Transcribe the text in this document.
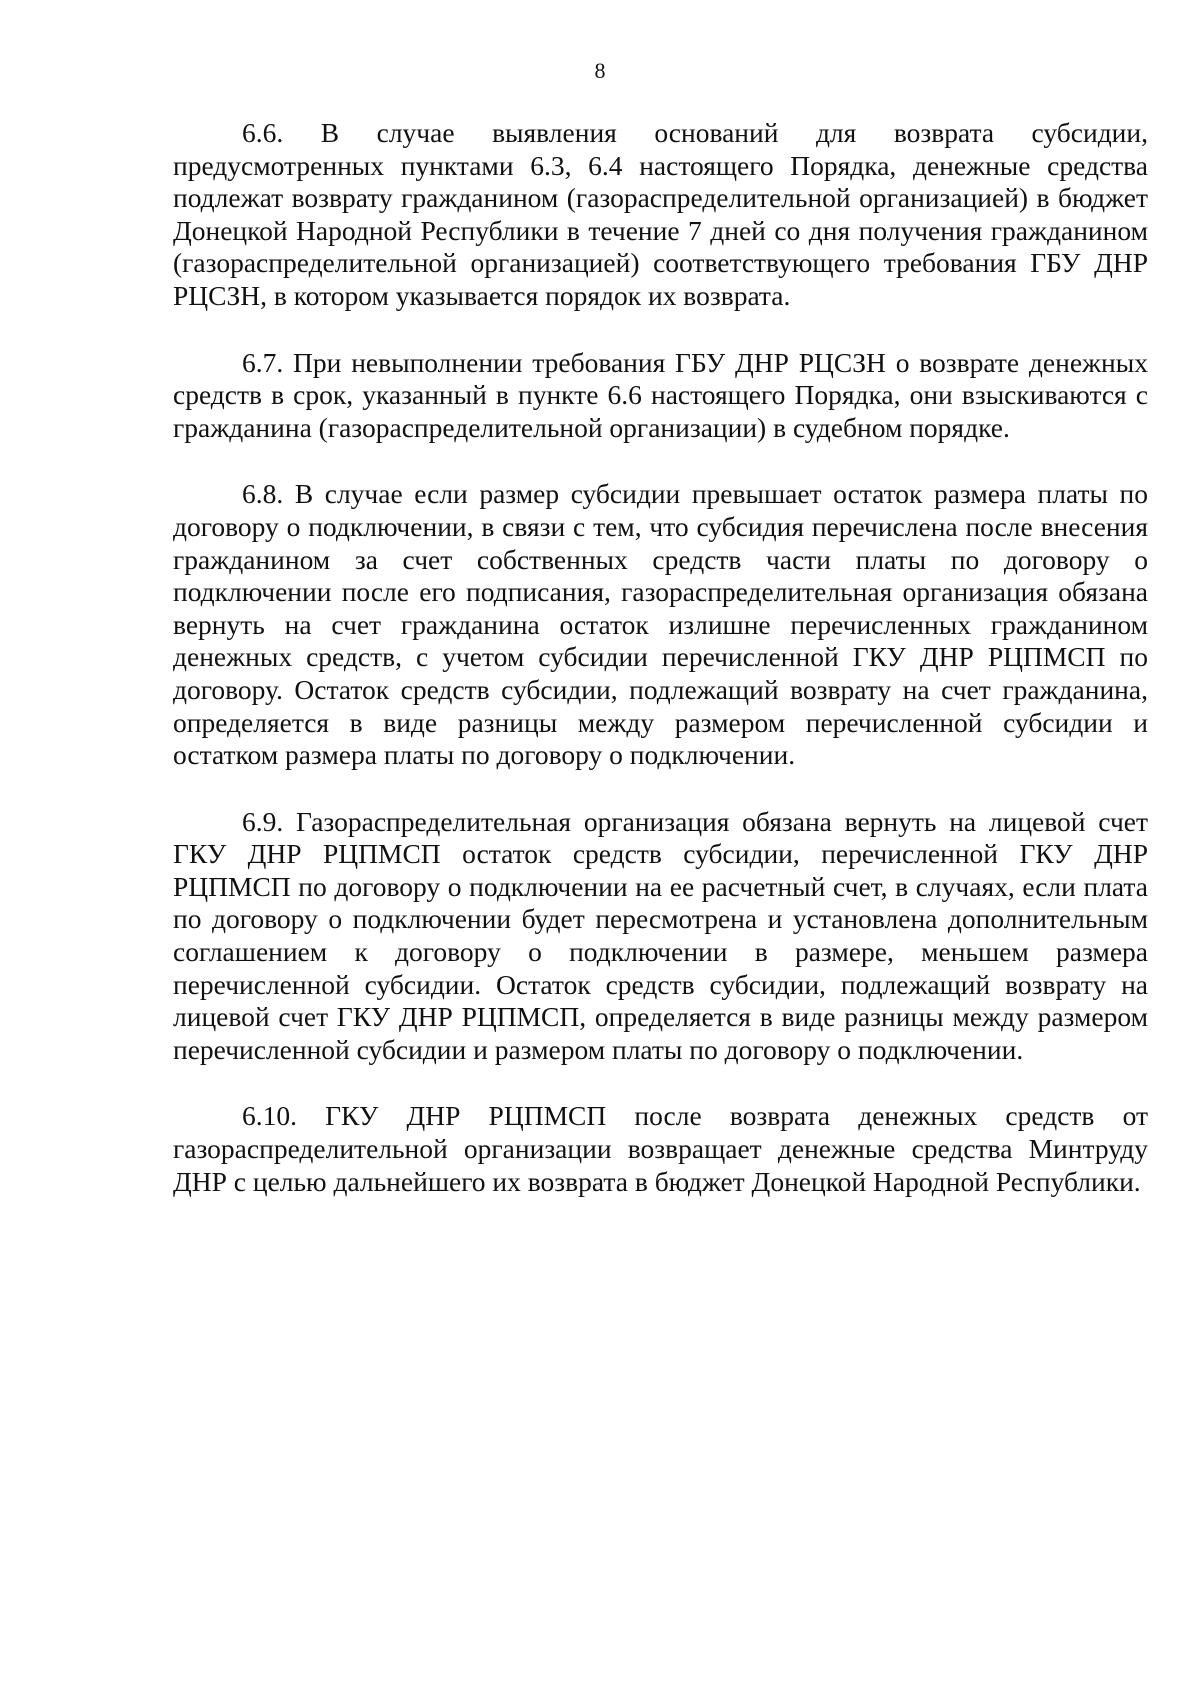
8

6.6. В случае выявления оснований для возврата субсидии, предусмотренных пунктами 6.3, 6.4 настоящего Порядка, денежные средства подлежат возврату гражданином (газораспределительной организацией) в бюджет Донецкой Народной Республики в течение 7 дней со дня получения гражданином (газораспределительной организацией) соответствующего требования ГБУ ДНР РЦСЗН, в котором указывается порядок их возврата.

6.7. При невыполнении требования ГБУ ДНР РЦСЗН о возврате денежных средств в срок, указанный в пункте 6.6 настоящего Порядка, они взыскиваются с гражданина (газораспределительной организации) в судебном порядке.

6.8. В случае если размер субсидии превышает остаток размера платы по договору о подключении, в связи с тем, что субсидия перечислена после внесения гражданином за счет собственных средств части платы по договору о подключении после его подписания, газораспределительная организация обязана вернуть на счет гражданина остаток излишне перечисленных гражданином денежных средств, с учетом субсидии перечисленной ГКУ ДНР РЦПМСП по договору. Остаток средств субсидии, подлежащий возврату на счет гражданина, определяется в виде разницы между размером перечисленной субсидии и остатком размера платы по договору о подключении.

6.9. Газораспределительная организация обязана вернуть на лицевой счет ГКУ ДНР РЦПМСП остаток средств субсидии, перечисленной ГКУ ДНР РЦПМСП по договору о подключении на ее расчетный счет, в случаях, если плата по договору о подключении будет пересмотрена и установлена дополнительным соглашением к договору о подключении в размере, меньшем размера перечисленной субсидии. Остаток средств субсидии, подлежащий возврату на лицевой счет ГКУ ДНР РЦПМСП, определяется в виде разницы между размером перечисленной субсидии и размером платы по договору о подключении.

6.10. ГКУ ДНР РЦПМСП после возврата денежных средств от газораспределительной организации возвращает денежные средства Минтруду ДНР с целью дальнейшего их возврата в бюджет Донецкой Народной Республики.
